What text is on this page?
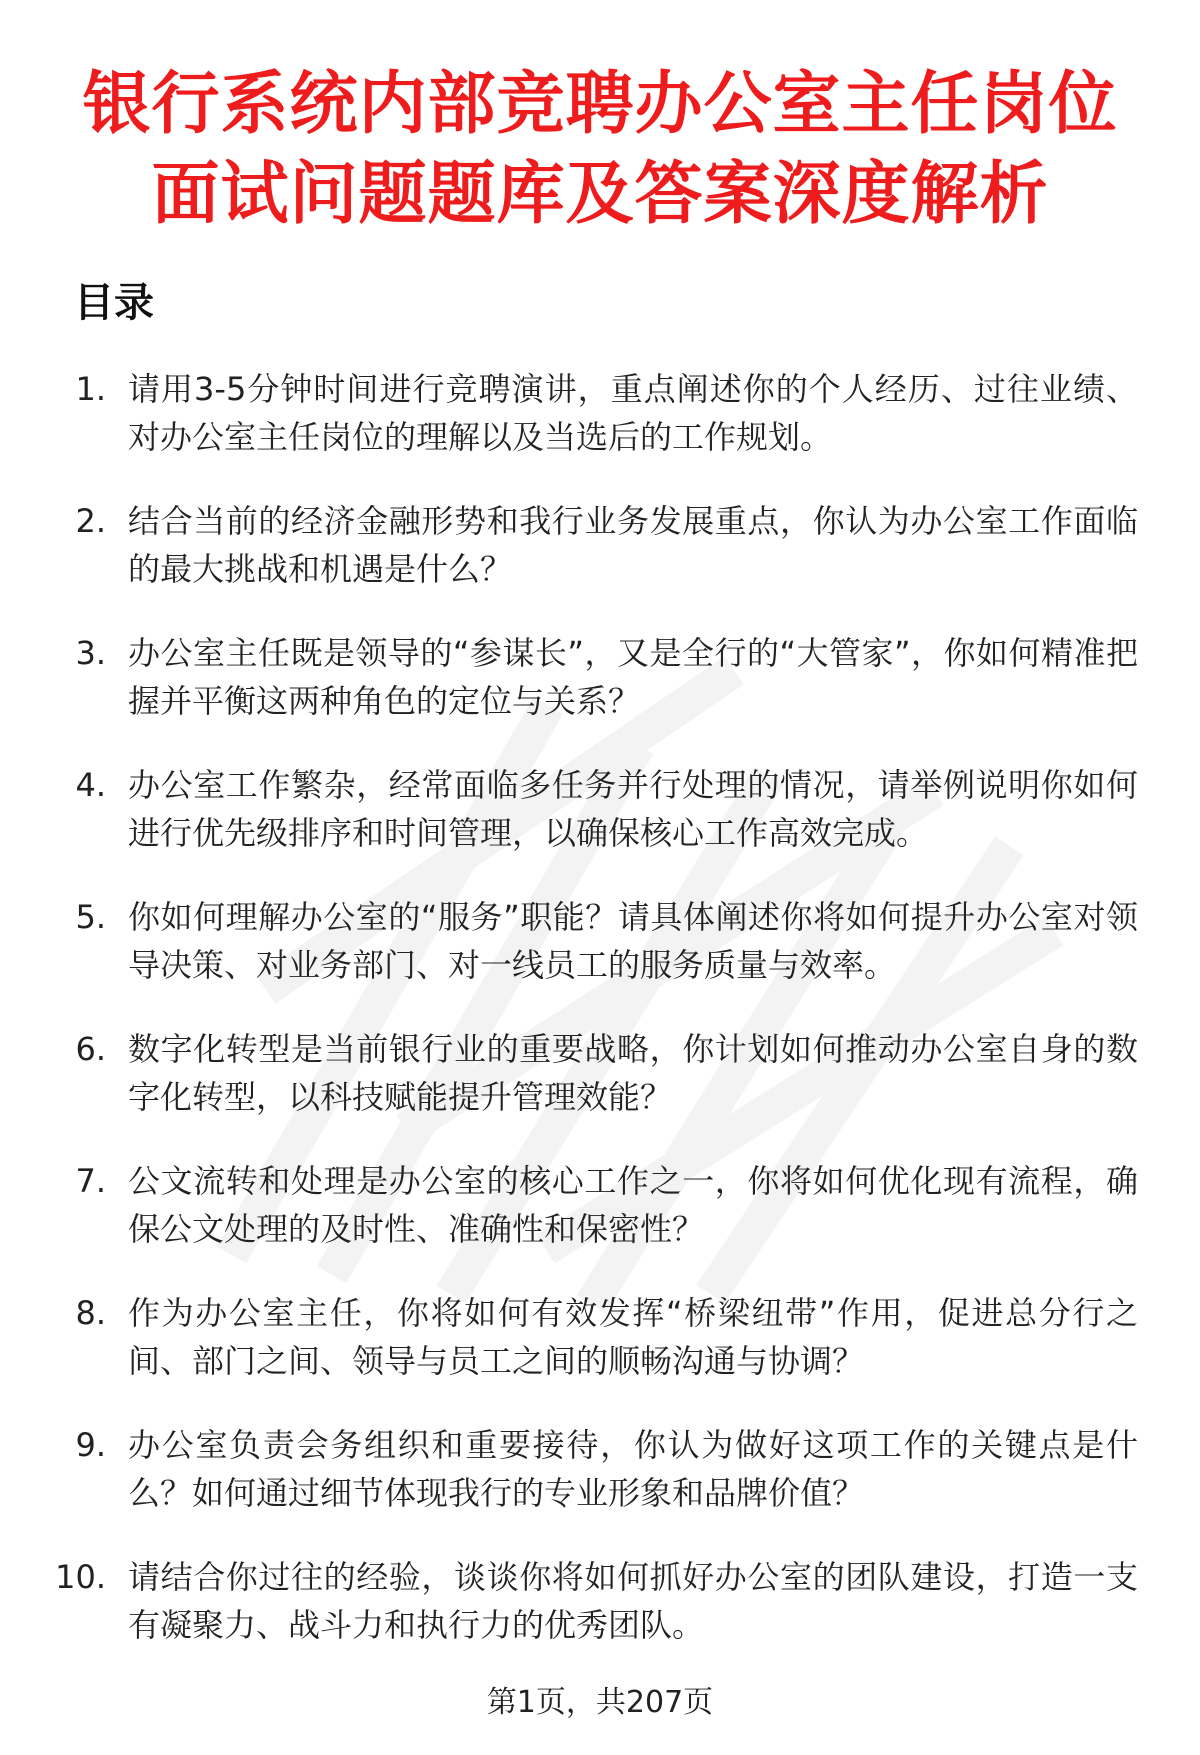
银行系统内部竞聘办公室主任岗位
面试问题题库及答案深度解析
目录
1. 请用3-5分钟时间进行竞聘演讲，重点阐述你的个人经历、过往业绩、对办公室主任岗位的理解以及当选后的工作规划。
2. 结合当前的经济金融形势和我行业务发展重点，你认为办公室工作面临的最大挑战和机遇是什么？
3. 办公室主任既是领导的“参谋长”，又是全行的“大管家”，你如何精准把握并平衡这两种角色的定位与关系？
4. 办公室工作繁杂，经常面临多任务并行处理的情况，请举例说明你如何进行优先级排序和时间管理，以确保核心工作高效完成。
5. 你如何理解办公室的“服务”职能？请具体阐述你将如何提升办公室对领导决策、对业务部门、对一线员工的服务质量与效率。
6. 数字化转型是当前银行业的重要战略，你计划如何推动办公室自身的数字化转型，以科技赋能提升管理效能？
7. 公文流转和处理是办公室的核心工作之一，你将如何优化现有流程，确保公文处理的及时性、准确性和保密性？
8. 作为办公室主任，你将如何有效发挥“桥梁纽带”作用，促进总分行之间、部门之间、领导与员工之间的顺畅沟通与协调？
9. 办公室负责会务组织和重要接待，你认为做好这项工作的关键点是什么？如何通过细节体现我行的专业形象和品牌价值？
10. 请结合你过往的经验，谈谈你将如何抓好办公室的团队建设，打造一支有凝聚力、战斗力和执行力的优秀团队。
第1页，共207页
